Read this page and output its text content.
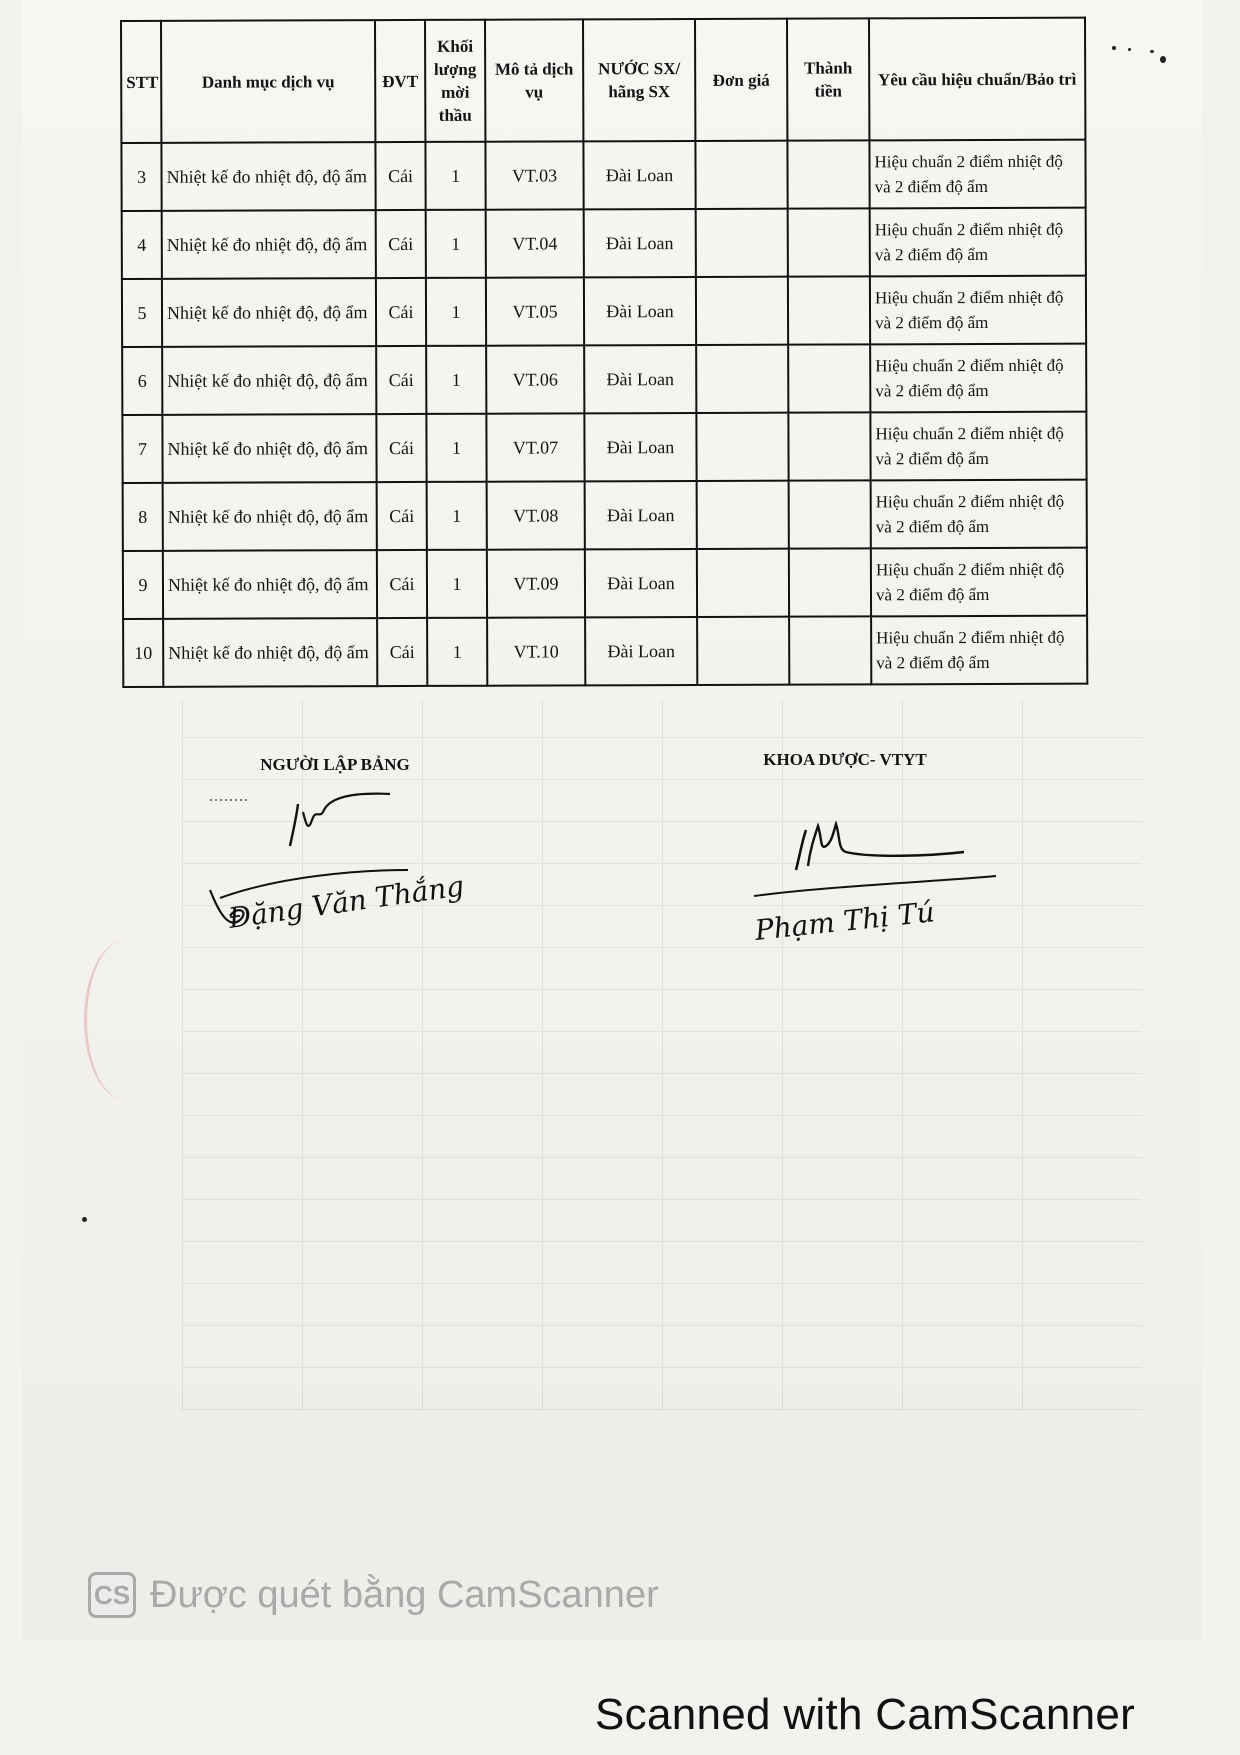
STT	Danh mục dịch vụ	ĐVT	Khối lượng mời thầu	Mô tả dịch vụ	NƯỚC SX/ hãng SX	Đơn giá	Thành tiền	Yêu cầu hiệu chuẩn/Bảo trì
3	Nhiệt kế đo nhiệt độ, độ ẩm	Cái	1	VT.03	Đài Loan			Hiệu chuẩn 2 điểm nhiệt độ và 2 điểm độ ẩm
4	Nhiệt kế đo nhiệt độ, độ ẩm	Cái	1	VT.04	Đài Loan			Hiệu chuẩn 2 điểm nhiệt độ và 2 điểm độ ẩm
5	Nhiệt kế đo nhiệt độ, độ ẩm	Cái	1	VT.05	Đài Loan			Hiệu chuẩn 2 điểm nhiệt độ và 2 điểm độ ẩm
6	Nhiệt kế đo nhiệt độ, độ ẩm	Cái	1	VT.06	Đài Loan			Hiệu chuẩn 2 điểm nhiệt độ và 2 điểm độ ẩm
7	Nhiệt kế đo nhiệt độ, độ ẩm	Cái	1	VT.07	Đài Loan			Hiệu chuẩn 2 điểm nhiệt độ và 2 điểm độ ẩm
8	Nhiệt kế đo nhiệt độ, độ ẩm	Cái	1	VT.08	Đài Loan			Hiệu chuẩn 2 điểm nhiệt độ và 2 điểm độ ẩm
9	Nhiệt kế đo nhiệt độ, độ ẩm	Cái	1	VT.09	Đài Loan			Hiệu chuẩn 2 điểm nhiệt độ và 2 điểm độ ẩm
10	Nhiệt kế đo nhiệt độ, độ ẩm	Cái	1	VT.10	Đài Loan			Hiệu chuẩn 2 điểm nhiệt độ và 2 điểm độ ẩm
NGƯỜI LẬP BẢNG
Đặng Văn Thắng
KHOA DƯỢC- VTYT
Phạm Thị Tú
CS Được quét bằng CamScanner
Scanned with CamScanner
